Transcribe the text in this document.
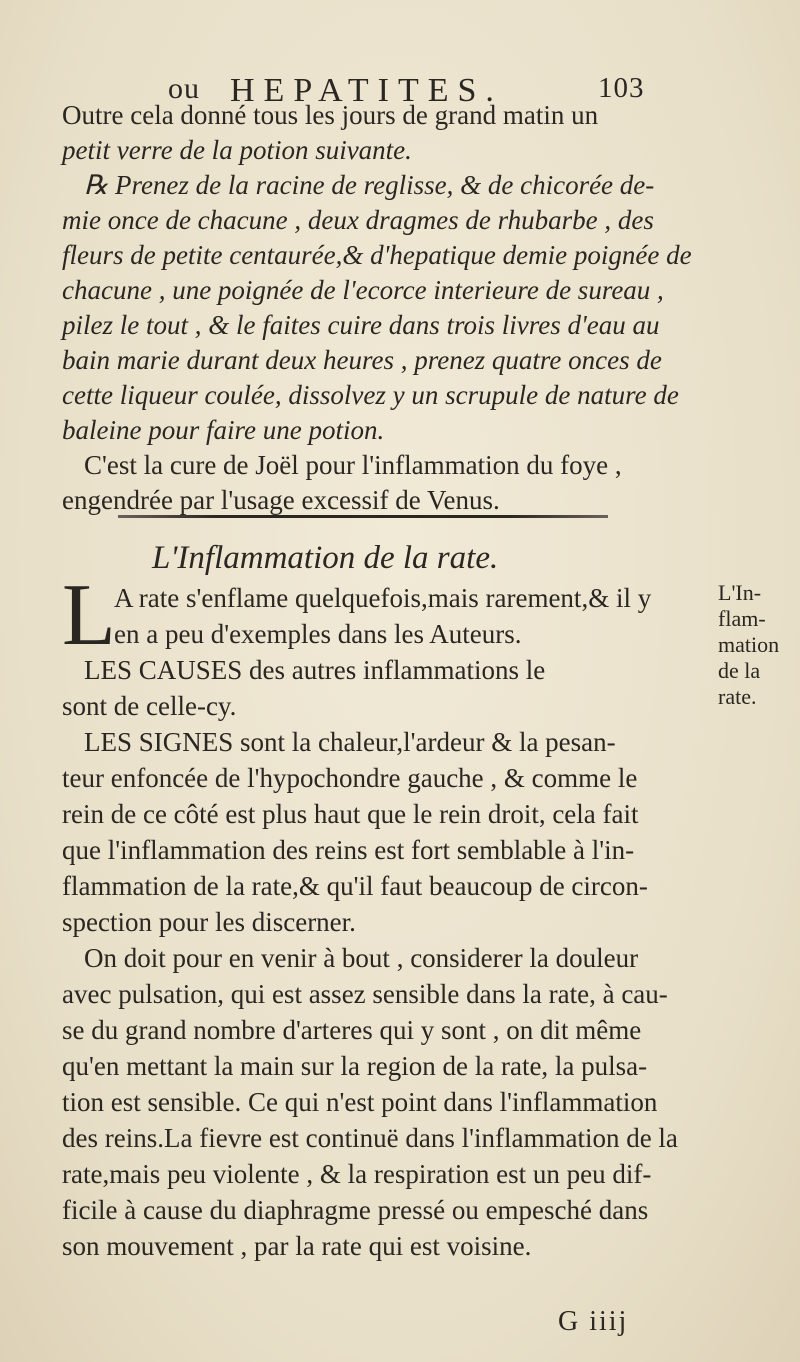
ou HEPATITES.	103
Outre cela donné tous les jours de grand matin un
petit verre de la potion suivante.
℞ Prenez de la racine de reglisse, & de chicorée de-
mie once de chacune , deux dragmes de rhubarbe , des
fleurs de petite centaurée,& d'hepatique demie poignée de
chacune , une poignée de l'ecorce interieure de sureau ,
pilez le tout , & le faites cuire dans trois livres d'eau au
bain marie durant deux heures , prenez quatre onces de
cette liqueur coulée, dissolvez y un scrupule de nature de
baleine pour faire une potion.
C'est la cure de Joël pour l'inflammation du foye ,
engendrée par l'usage excessif de Venus.
L'Inflammation de la rate.
L
A rate s'enflame quelquefois,mais rarement,& il y
en a peu d'exemples dans les Auteurs.
LES CAUSES des autres inflammations le
sont de celle-cy.
LES SIGNES sont la chaleur,l'ardeur & la pesan-
teur enfoncée de l'hypochondre gauche , & comme le
rein de ce côté est plus haut que le rein droit, cela fait
que l'inflammation des reins est fort semblable à l'in-
flammation de la rate,& qu'il faut beaucoup de circon-
spection pour les discerner.
On doit pour en venir à bout , considerer la douleur
avec pulsation, qui est assez sensible dans la rate, à cau-
se du grand nombre d'arteres qui y sont , on dit même
qu'en mettant la main sur la region de la rate, la pulsa-
tion est sensible. Ce qui n'est point dans l'inflammation
des reins.La fievre est continuë dans l'inflammation de la
rate,mais peu violente , & la respiration est un peu dif-
ficile à cause du diaphragme pressé ou empesché dans
son mouvement , par la rate qui est voisine.
L'In-
flam-
mation
de la
rate.
G iiij
